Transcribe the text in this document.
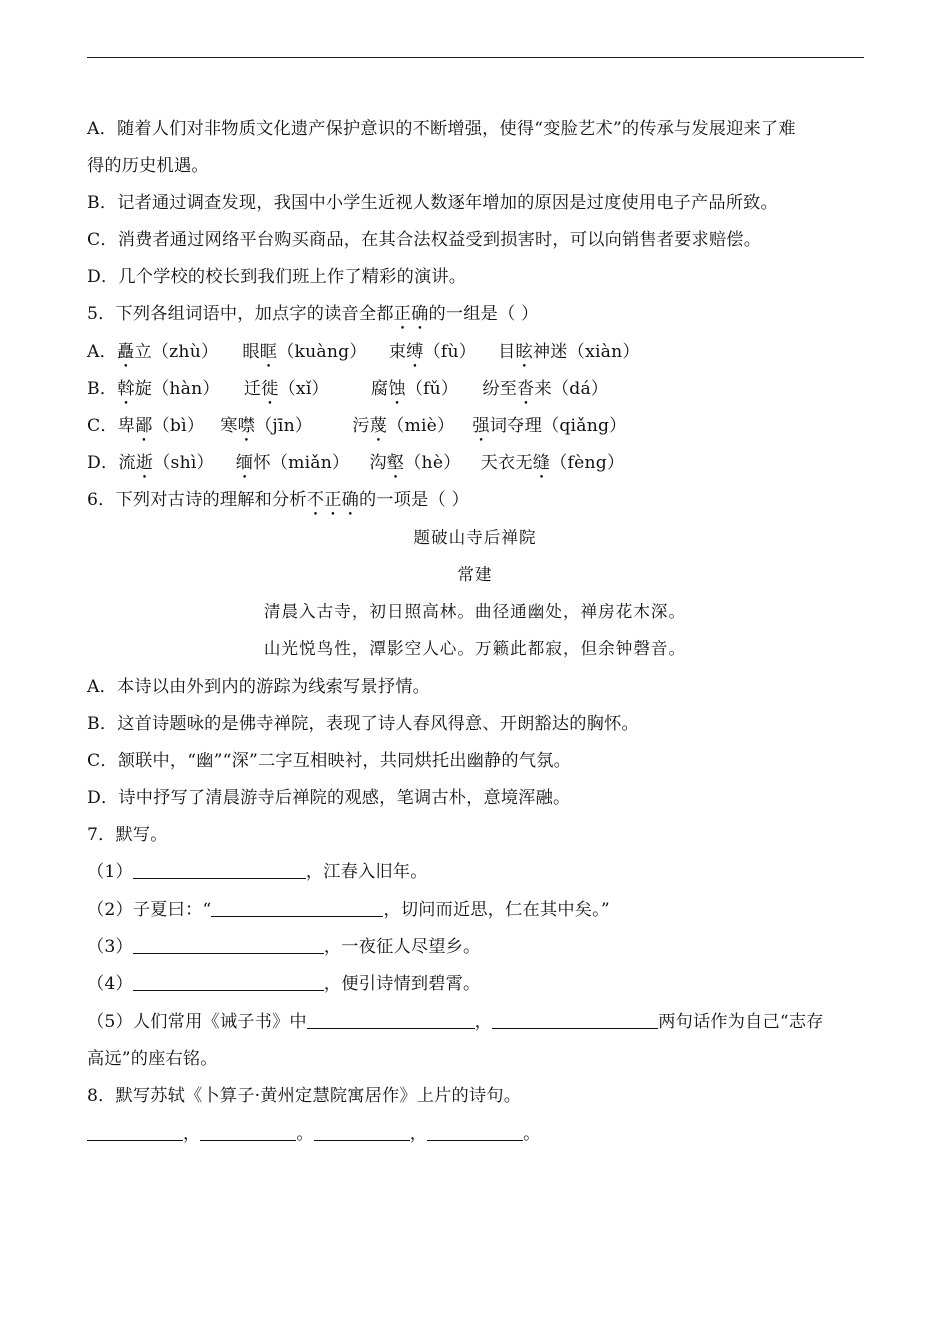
A．随着人们对非物质文化遗产保护意识的不断增强，使得“变脸艺术”的传承与发展迎来了难
得的历史机遇。
B．记者通过调查发现，我国中小学生近视人数逐年增加的原因是过度使用电子产品所致。
C．消费者通过网络平台购买商品，在其合法权益受到损害时，可以向销售者要求赔偿。
D．几个学校的校长到我们班上作了精彩的演讲。
5．下列各组词语中，加点字的读音全都正确的一组是（ ）
A．矗立（zhù） 眼眶（kuàng） 束缚（fù） 目眩神迷（xiàn）
B．斡旋（hàn） 迁徙（xǐ） 腐蚀（fǔ） 纷至沓来（dá）
C．卑鄙（bì） 寒噤（jīn） 污蔑（miè） 强词夺理（qiǎng）
D．流逝（shì） 缅怀（miǎn） 沟壑（hè） 天衣无缝（fèng）
6．下列对古诗的理解和分析不正确的一项是（ ）
题破山寺后禅院
常建
清晨入古寺，初日照高林。曲径通幽处，禅房花木深。
山光悦鸟性，潭影空人心。万籁此都寂，但余钟磬音。
A．本诗以由外到内的游踪为线索写景抒情。
B．这首诗题咏的是佛寺禅院，表现了诗人春风得意、开朗豁达的胸怀。
C．颔联中，“幽”“深”二字互相映衬，共同烘托出幽静的气氛。
D．诗中抒写了清晨游寺后禅院的观感，笔调古朴，意境浑融。
7．默写。
（1）	，江春入旧年。
（2）子夏曰：“	，切问而近思，仁在其中矣。”
（3）	，一夜征人尽望乡。
（4）	，便引诗情到碧霄。
（5）人们常用《诫子书》中	，	两句话作为自己“志存
高远”的座右铭。
8．默写苏轼《卜算子·黄州定慧院寓居作》上片的诗句。
，	。	，	。
